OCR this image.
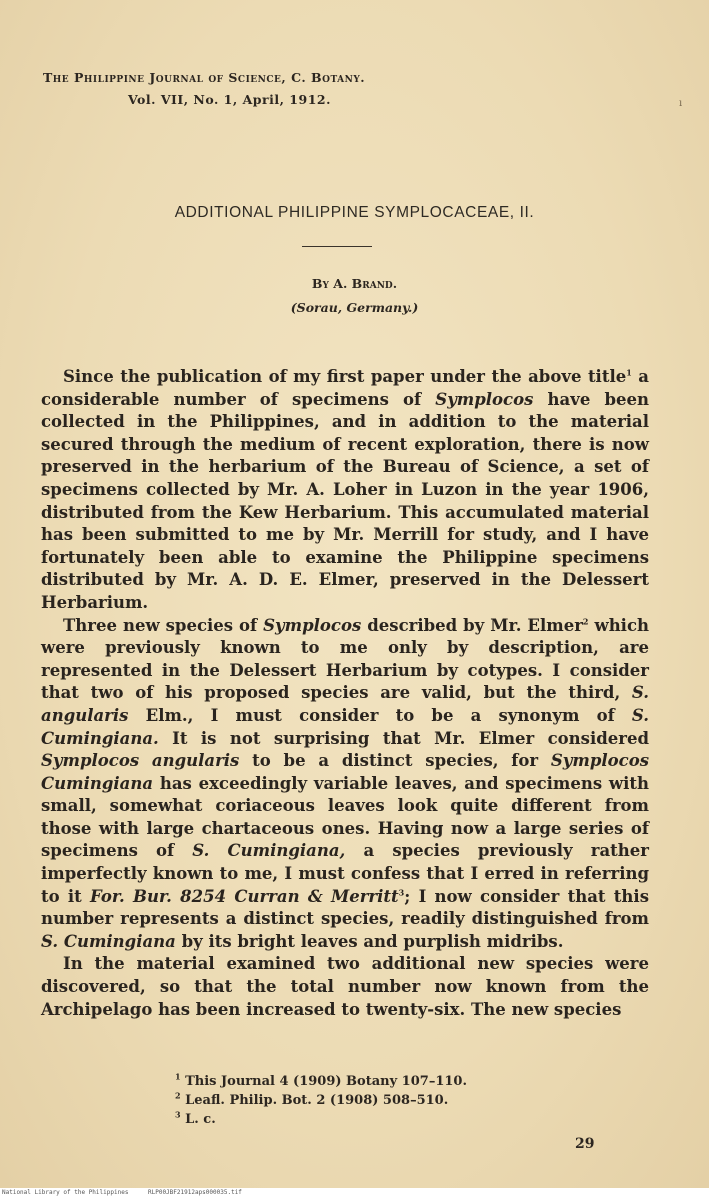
The Philippine Journal of Science, C. Botany.
Vol. VII, No. 1, April, 1912.	ı
ADDITIONAL PHILIPPINE SYMPLOCACEAE, II.
By A. Brand.
(Sorau, Germany.)

Since the publication of my first paper under the above title$^1$ a considerable number of specimens of Symplocos have been collected in the Philippines, and in addition to the material secured through the medium of recent exploration, there is now preserved in the herbarium of the Bureau of Science, a set of specimens collected by Mr. A. Loher in Luzon in the year 1906, distributed from the Kew Herbarium. This accumulated material has been submitted to me by Mr. Merrill for study, and I have fortunately been able to examine the Philippine specimens distributed by Mr. A. D. E. Elmer, preserved in the Delessert Herbarium.

Three new species of Symplocos described by Mr. Elmer$^2$ which were previously known to me only by description, are represented in the Delessert Herbarium by cotypes. I consider that two of his proposed species are valid, but the third, S. angularis Elm., I must consider to be a synonym of S. Cumingiana. It is not surprising that Mr. Elmer considered Symplocos angularis to be a distinct species, for Symplocos Cumingiana has exceedingly variable leaves, and specimens with small, somewhat coriaceous leaves look quite different from those with large chartaceous ones. Having now a large series of specimens of S. Cumingiana, a species previously rather imperfectly known to me, I must confess that I erred in referring to it For. Bur. 8254 Curran & Merritt$^3$; I now consider that this number represents a distinct species, readily distinguished from S. Cumingiana by its bright leaves and purplish midribs.

In the material examined two additional new species were discovered, so that the total number now known from the Archipelago has been increased to twenty-six. The new species

$^1$ This Journal 4 (1909) Botany 107–110.
$^2$ Leafl. Philip. Bot. 2 (1908) 508–510.
$^3$ L. c.
29
National Library of the Philippines	RLP00JBF21912aps000035.tif
